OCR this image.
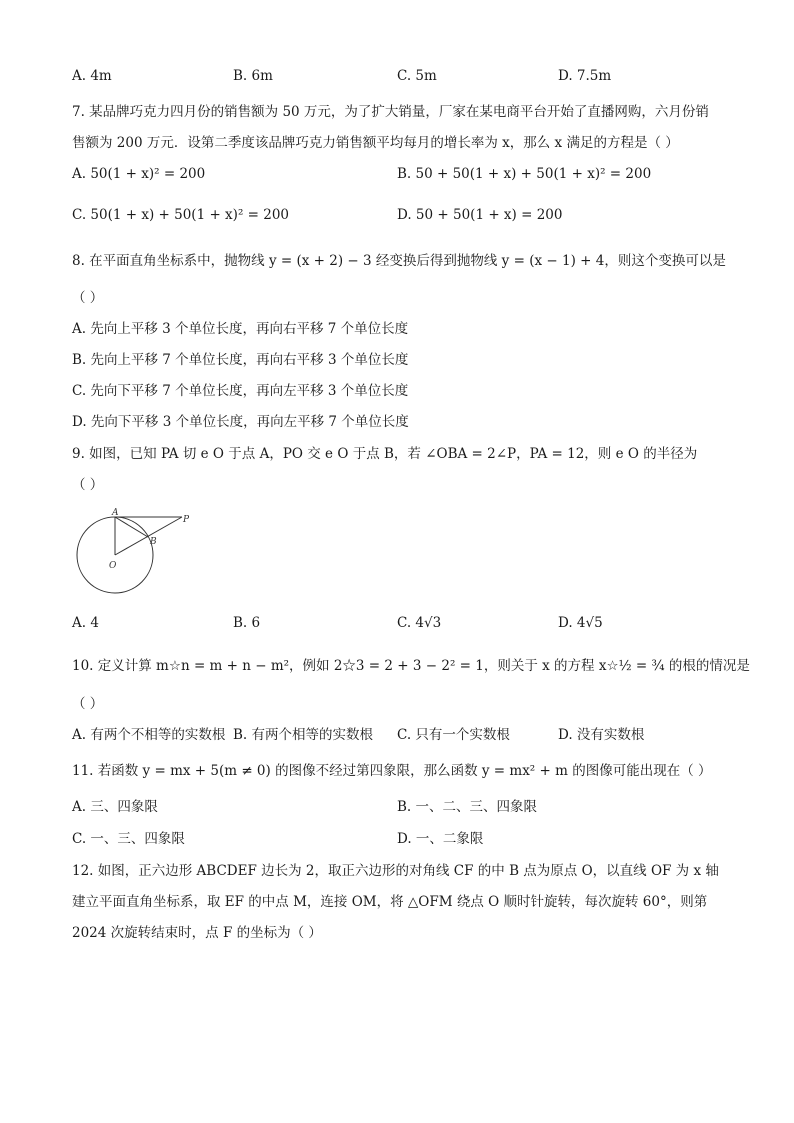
A. 4m	B. 6m	C. 5m	D. 7.5m
7. 某品牌巧克力四月份的销售额为 50 万元，为了扩大销量，厂家在某电商平台开始了直播网购，六月份销
售额为 200 万元．设第二季度该品牌巧克力销售额平均每月的增长率为 x，那么 x 满足的方程是（ ）
A. 50(1 + x)² = 200	B. 50 + 50(1 + x) + 50(1 + x)² = 200
C. 50(1 + x) + 50(1 + x)² = 200	D. 50 + 50(1 + x) = 200
8. 在平面直角坐标系中，抛物线 y = (x + 2) − 3 经变换后得到抛物线 y = (x − 1) + 4，则这个变换可以是
（ ）
A. 先向上平移 3 个单位长度，再向右平移 7 个单位长度
B. 先向上平移 7 个单位长度，再向右平移 3 个单位长度
C. 先向下平移 7 个单位长度，再向左平移 3 个单位长度
D. 先向下平移 3 个单位长度，再向左平移 7 个单位长度
9. 如图，已知 PA 切 e O 于点 A，PO 交 e O 于点 B，若 ∠OBA = 2∠P，PA = 12，则 e O 的半径为
（ ）
A
P
B
O
A. 4	B. 6	C. 4√3	D. 4√5
10. 定义计算 m☆n = m + n − m²，例如 2☆3 = 2 + 3 − 2² = 1，则关于 x 的方程 x☆½ = ¾ 的根的情况是
（ ）
A. 有两个不相等的实数根 B. 有两个相等的实数根 C. 只有一个实数根	D. 没有实数根
11. 若函数 y = mx + 5(m ≠ 0) 的图像不经过第四象限，那么函数 y = mx² + m 的图像可能出现在（ ）
A. 三、四象限	B. 一、二、三、四象限
C. 一、三、四象限	D. 一、二象限
12. 如图，正六边形 ABCDEF 边长为 2，取正六边形的对角线 CF 的中 B 点为原点 O，以直线 OF 为 x 轴
建立平面直角坐标系，取 EF 的中点 M，连接 OM，将 △OFM 绕点 O 顺时针旋转，每次旋转 60°，则第
2024 次旋转结束时，点 F 的坐标为（ ）
